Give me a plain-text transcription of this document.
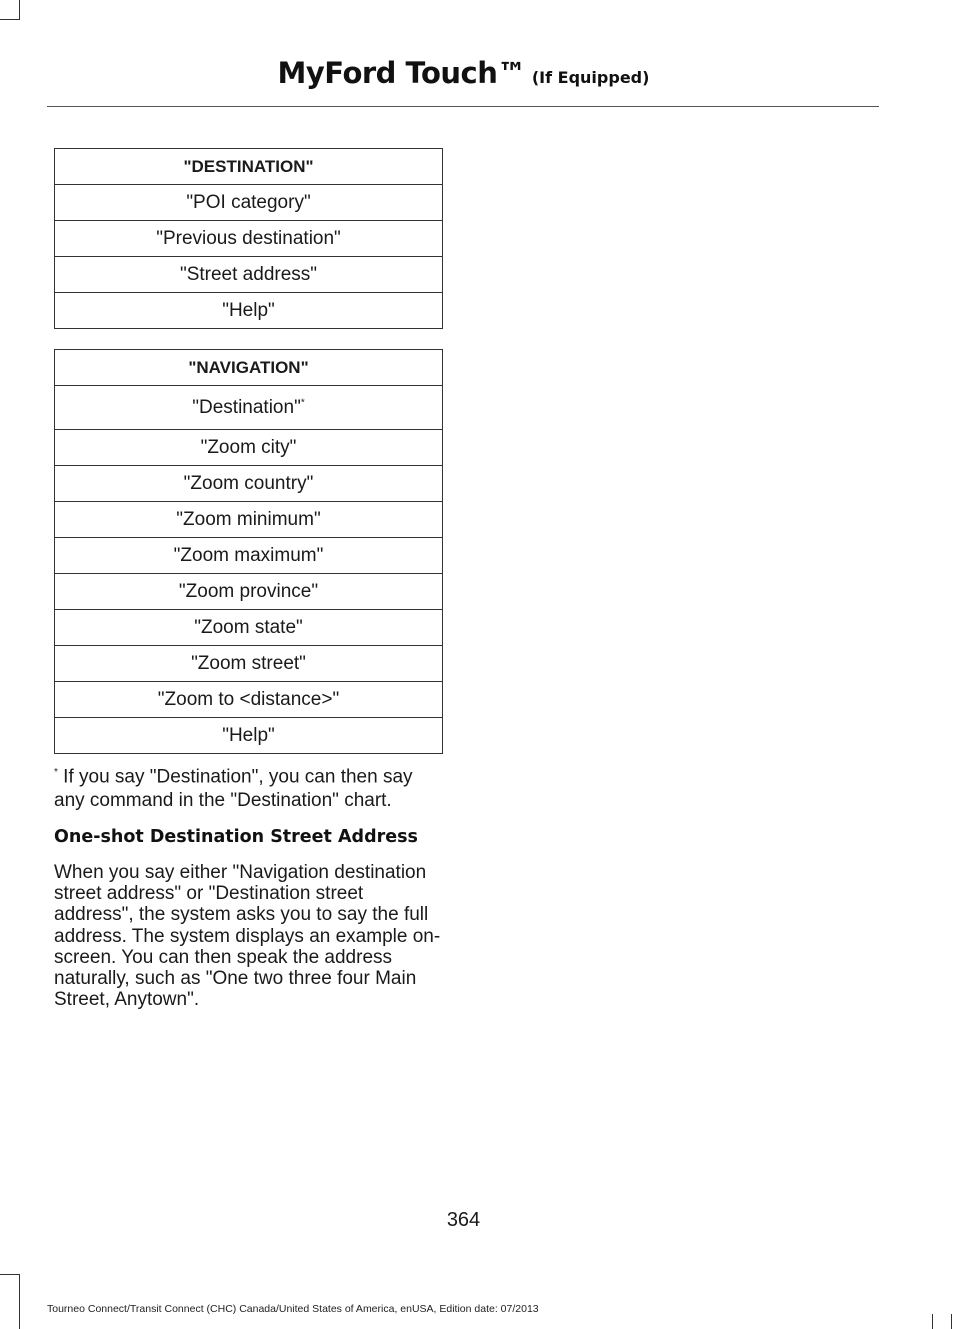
MyFord Touch™ (If Equipped)
"DESTINATION"
"POI category"
"Previous destination"
"Street address"
"Help"
"NAVIGATION"
"Destination"*
"Zoom city"
"Zoom country"
"Zoom minimum"
"Zoom maximum"
"Zoom province"
"Zoom state"
"Zoom street"
"Zoom to <distance>"
"Help"
* If you say "Destination", you can then say any command in the "Destination" chart.
One-shot Destination Street Address
When you say either "Navigation destination street address" or "Destination street address", the system asks you to say the full address. The system displays an example on-screen. You can then speak the address naturally, such as "One two three four Main Street, Anytown".
364
Tourneo Connect/Transit Connect (CHC) Canada/United States of America, enUSA, Edition date: 07/2013
